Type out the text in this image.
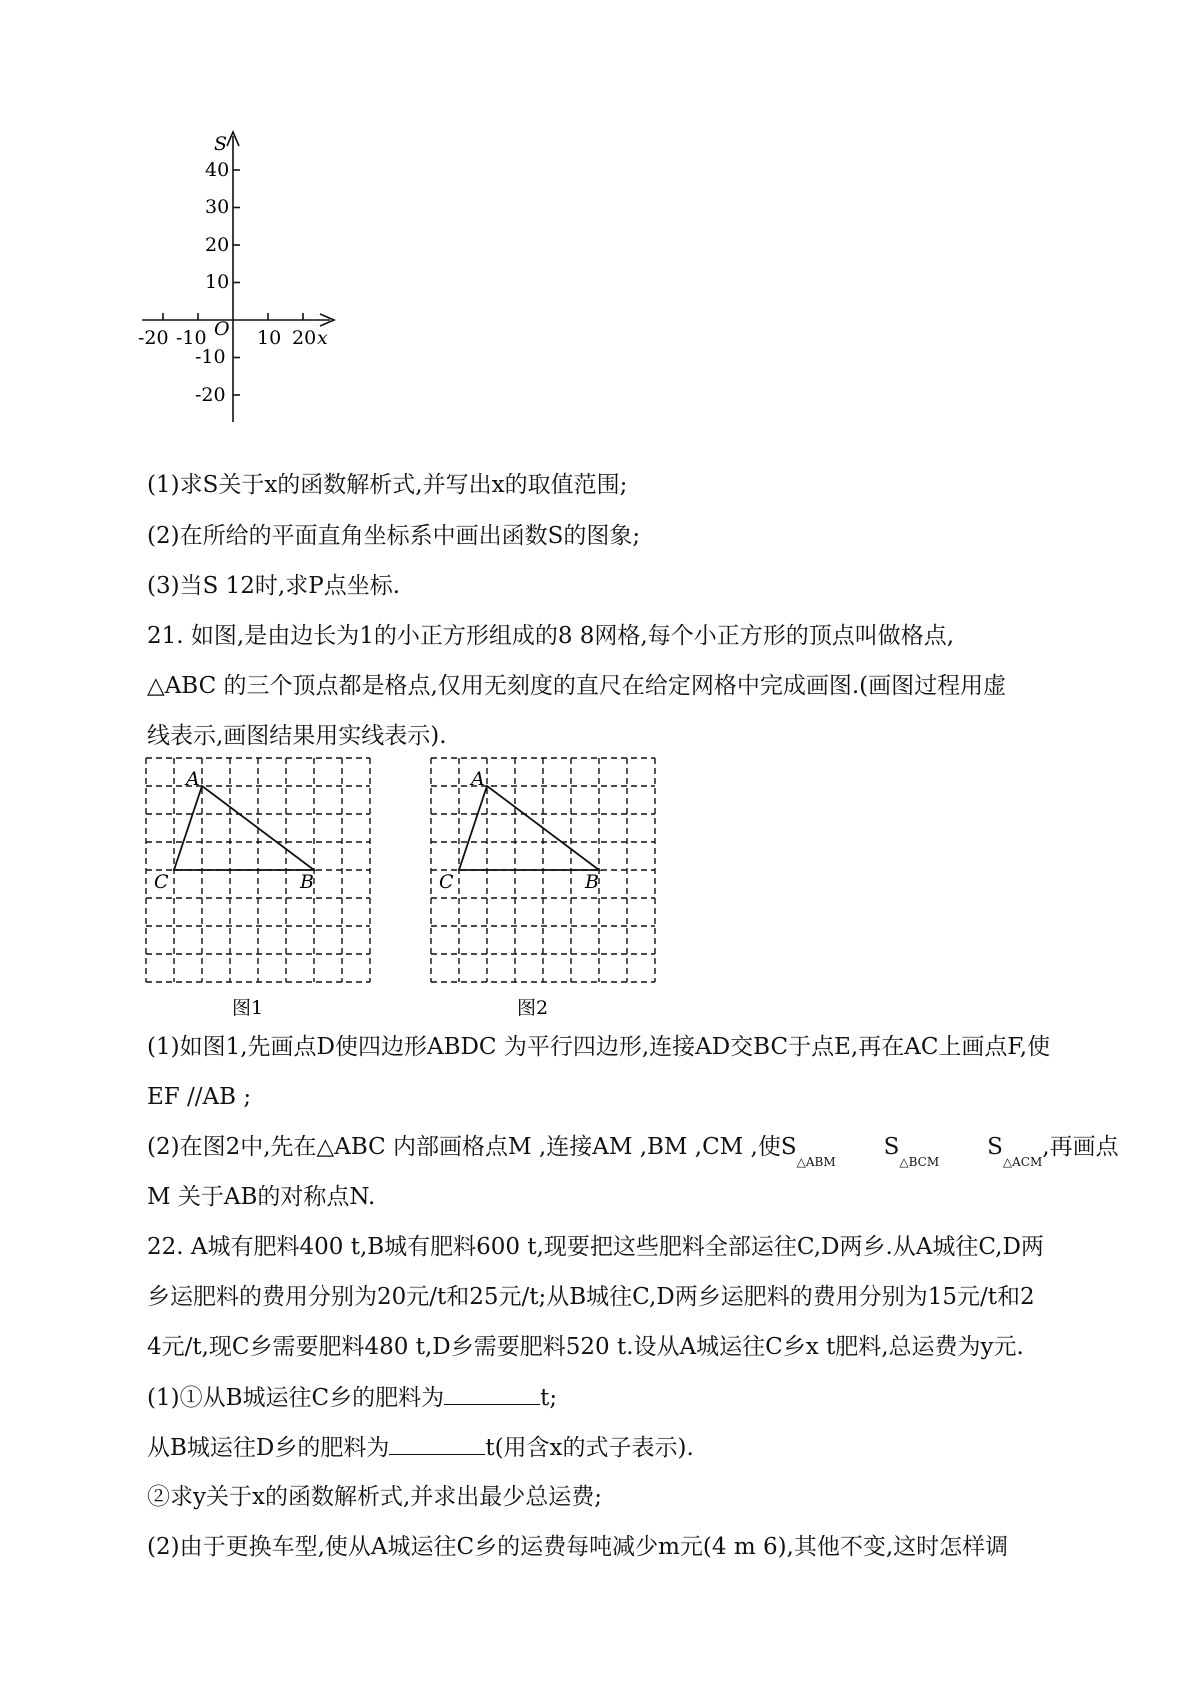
S
40
30
20
10
O
-10
-20
-20 -10	10 20 x
(1)求S关于x的函数解析式,并写出x的取值范围;
(2)在所给的平面直角坐标系中画出函数S的图象;
(3)当S 12时,求P点坐标.
21. 如图,是由边长为1的小正方形组成的8 8网格,每个小正方形的顶点叫做格点,
△ABC 的三个顶点都是格点,仅用无刻度的直尺在给定网格中完成画图.(画图过程用虚
线表示,画图结果用实线表示).
A
C	B
图1
A
C	B
图2
(1)如图1,先画点D使四边形ABDC 为平行四边形,连接AD交BC于点E,再在AC上画点F,使
EF //AB ;
(2)在图2中,先在△ABC 内部画格点M ,连接AM ,BM ,CM ,使$S_{\triangle ABM}S_{\triangle BCM}S_{\triangle ACM}$,再画点
M 关于AB的对称点N.
22. A城有肥料400 t,B城有肥料600 t,现要把这些肥料全部运往C,D两乡.从A城往C,D两
乡运肥料的费用分别为20元/t和25元/t;从B城往C,D两乡运肥料的费用分别为15元/t和2
4元/t,现C乡需要肥料480 t,D乡需要肥料520 t.设从A城运往C乡x t肥料,总运费为y元.
(1)①从B城运往C乡的肥料为	t;
从B城运往D乡的肥料为	t(用含x的式子表示).
②求y关于x的函数解析式,并求出最少总运费;
(2)由于更换车型,使从A城运往C乡的运费每吨减少m元(4 m 6),其他不变,这时怎样调
